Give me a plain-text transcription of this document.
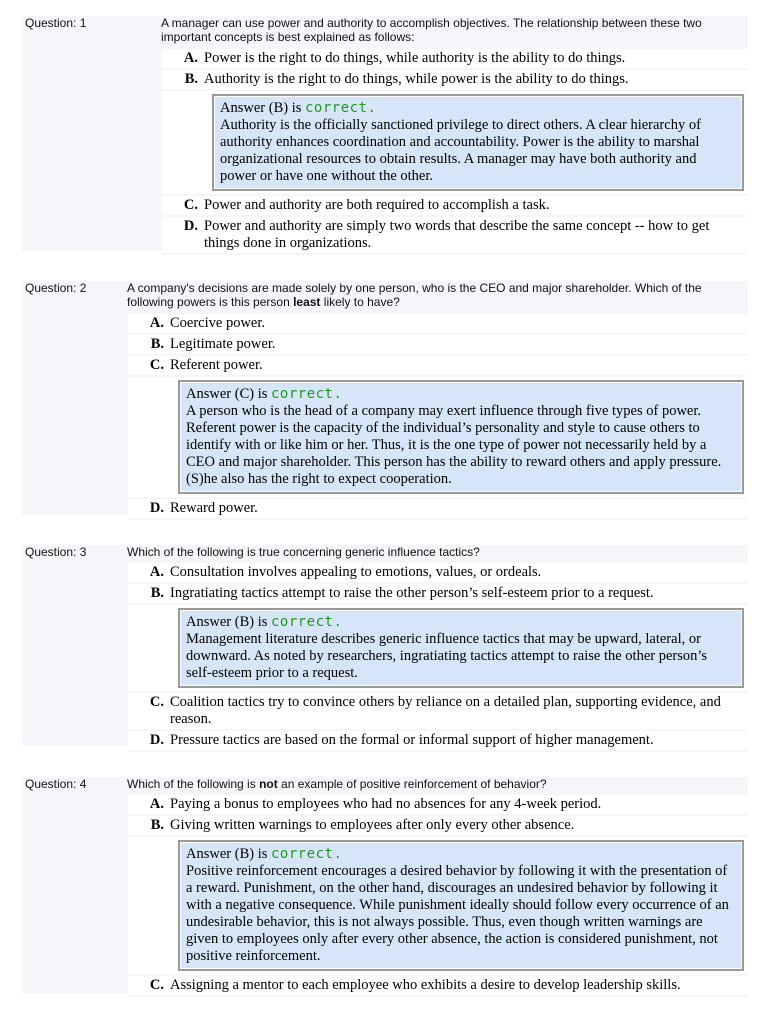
Question: 1	A manager can use power and authority to accomplish objectives. The relationship between these two important concepts is best explained as follows:
A. Power is the right to do things, while authority is the ability to do things.
B. Authority is the right to do things, while power is the ability to do things.
Answer (B) is correct.
Authority is the officially sanctioned privilege to direct others. A clear hierarchy of authority enhances coordination and accountability. Power is the ability to marshal organizational resources to obtain results. A manager may have both authority and power or have one without the other.
C. Power and authority are both required to accomplish a task.
D. Power and authority are simply two words that describe the same concept -- how to get things done in organizations.
Question: 2	A company's decisions are made solely by one person, who is the CEO and major shareholder. Which of the following powers is this person least likely to have?
A. Coercive power.
B. Legitimate power.
C. Referent power.
Answer (C) is correct.
A person who is the head of a company may exert influence through five types of power. Referent power is the capacity of the individual’s personality and style to cause others to identify with or like him or her. Thus, it is the one type of power not necessarily held by a CEO and major shareholder. This person has the ability to reward others and apply pressure. (S)he also has the right to expect cooperation.
D. Reward power.
Question: 3	Which of the following is true concerning generic influence tactics?
A. Consultation involves appealing to emotions, values, or ordeals.
B. Ingratiating tactics attempt to raise the other person’s self-esteem prior to a request.
Answer (B) is correct.
Management literature describes generic influence tactics that may be upward, lateral, or downward. As noted by researchers, ingratiating tactics attempt to raise the other person’s self-esteem prior to a request.
C. Coalition tactics try to convince others by reliance on a detailed plan, supporting evidence, and reason.
D. Pressure tactics are based on the formal or informal support of higher management.
Question: 4	Which of the following is not an example of positive reinforcement of behavior?
A. Paying a bonus to employees who had no absences for any 4-week period.
B. Giving written warnings to employees after only every other absence.
Answer (B) is correct.
Positive reinforcement encourages a desired behavior by following it with the presentation of a reward. Punishment, on the other hand, discourages an undesired behavior by following it with a negative consequence. While punishment ideally should follow every occurrence of an undesirable behavior, this is not always possible. Thus, even though written warnings are given to employees only after every other absence, the action is considered punishment, not positive reinforcement.
C. Assigning a mentor to each employee who exhibits a desire to develop leadership skills.
